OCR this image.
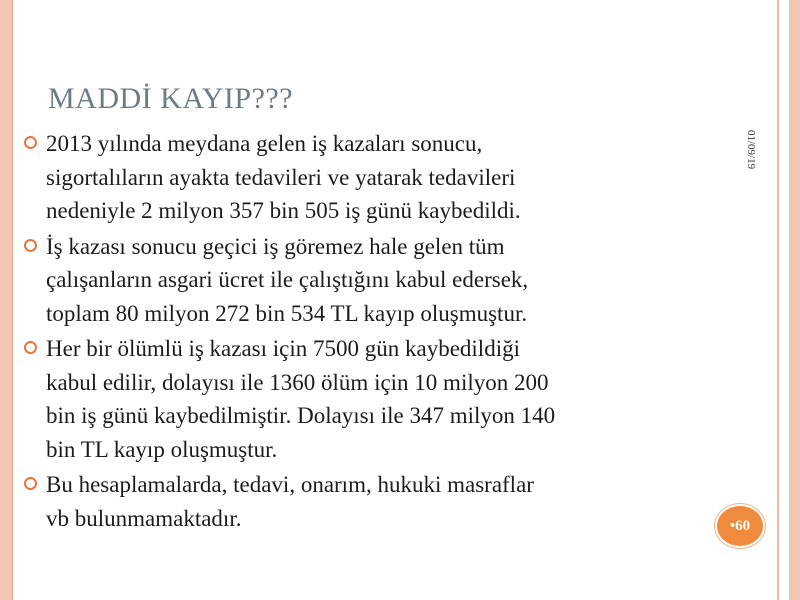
MADDİ KAYIP???
2013 yılında meydana gelen iş kazaları sonucu,
sigortalıların ayakta tedavileri ve yatarak tedavileri
nedeniyle 2 milyon 357 bin 505 iş günü kaybedildi.
İş kazası sonucu geçici iş göremez hale gelen tüm
çalışanların asgari ücret ile çalıştığını kabul edersek,
toplam 80 milyon 272 bin 534 TL kayıp oluşmuştur.
Her bir ölümlü iş kazası için 7500 gün kaybedildiği
kabul edilir, dolayısı ile 1360 ölüm için 10 milyon 200
bin iş günü kaybedilmiştir. Dolayısı ile 347 milyon 140
bin TL kayıp oluşmuştur.
Bu hesaplamalarda, tedavi, onarım, hukuki masraflar
vb bulunmamaktadır.
01/09/19
•60
